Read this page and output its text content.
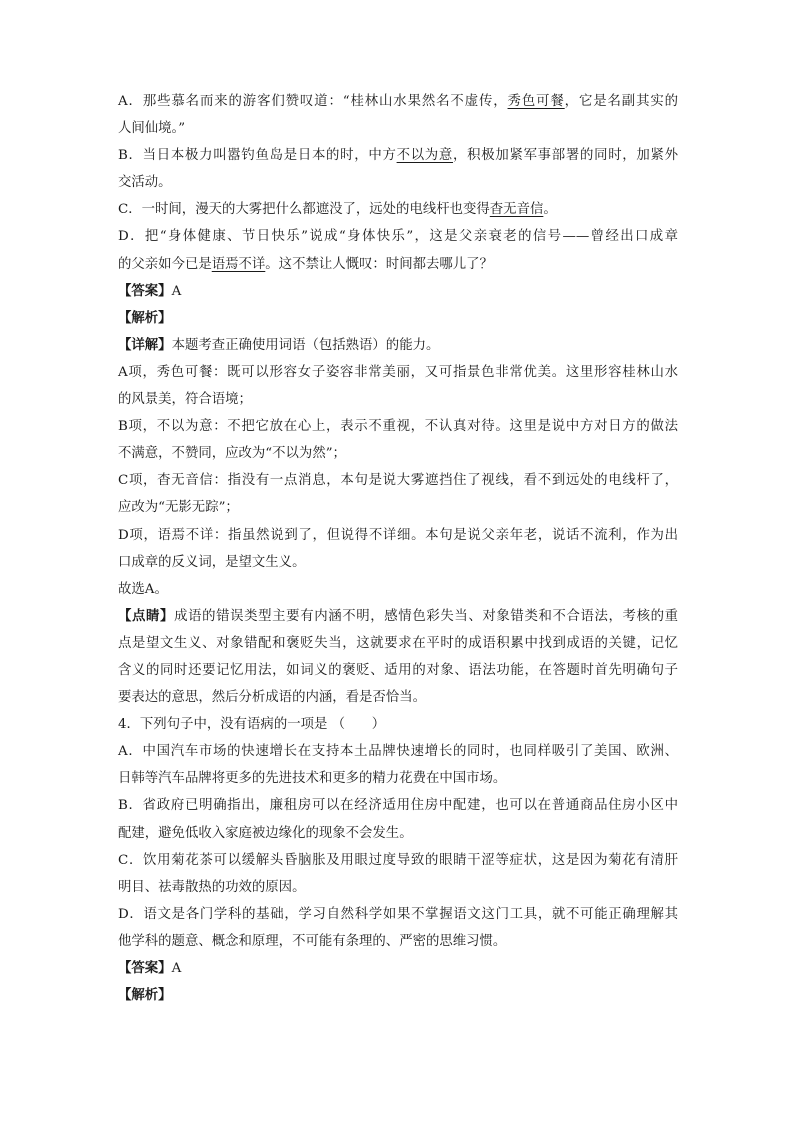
A．那些慕名而来的游客们赞叹道：“桂林山水果然名不虚传，秀色可餐，它是名副其实的
人间仙境。”
B．当日本极力叫嚣钓鱼岛是日本的时，中方不以为意，积极加紧军事部署的同时，加紧外
交活动。
C．一时间，漫天的大雾把什么都遮没了，远处的电线杆也变得杳无音信。
D．把“身体健康、节日快乐”说成“身体快乐”，这是父亲衰老的信号——曾经出口成章
的父亲如今已是语焉不详。这不禁让人慨叹：时间都去哪儿了？
【答案】A
【解析】
【详解】本题考查正确使用词语（包括熟语）的能力。
A项，秀色可餐：既可以形容女子姿容非常美丽，又可指景色非常优美。这里形容桂林山水
的风景美，符合语境；
B项，不以为意：不把它放在心上，表示不重视，不认真对待。这里是说中方对日方的做法
不满意，不赞同，应改为“不以为然”；
C项，杳无音信：指没有一点消息，本句是说大雾遮挡住了视线，看不到远处的电线杆了，
应改为“无影无踪”；
D项，语焉不详：指虽然说到了，但说得不详细。本句是说父亲年老，说话不流利，作为出
口成章的反义词，是望文生义。
故选A。
【点睛】成语的错误类型主要有内涵不明，感情色彩失当、对象错类和不合语法，考核的重
点是望文生义、对象错配和褒贬失当，这就要求在平时的成语积累中找到成语的关键，记忆
含义的同时还要记忆用法，如词义的褒贬、适用的对象、语法功能，在答题时首先明确句子
要表达的意思，然后分析成语的内涵，看是否恰当。
4．下列句子中，没有语病的一项是 （　　）
A．中国汽车市场的快速增长在支持本土品牌快速增长的同时，也同样吸引了美国、欧洲、
日韩等汽车品牌将更多的先进技术和更多的精力花费在中国市场。
B．省政府已明确指出，廉租房可以在经济适用住房中配建，也可以在普通商品住房小区中
配建，避免低收入家庭被边缘化的现象不会发生。
C．饮用菊花茶可以缓解头昏脑胀及用眼过度导致的眼睛干涩等症状，这是因为菊花有清肝
明目、祛毒散热的功效的原因。
D．语文是各门学科的基础，学习自然科学如果不掌握语文这门工具，就不可能正确理解其
他学科的题意、概念和原理，不可能有条理的、严密的思维习惯。
【答案】A
【解析】
